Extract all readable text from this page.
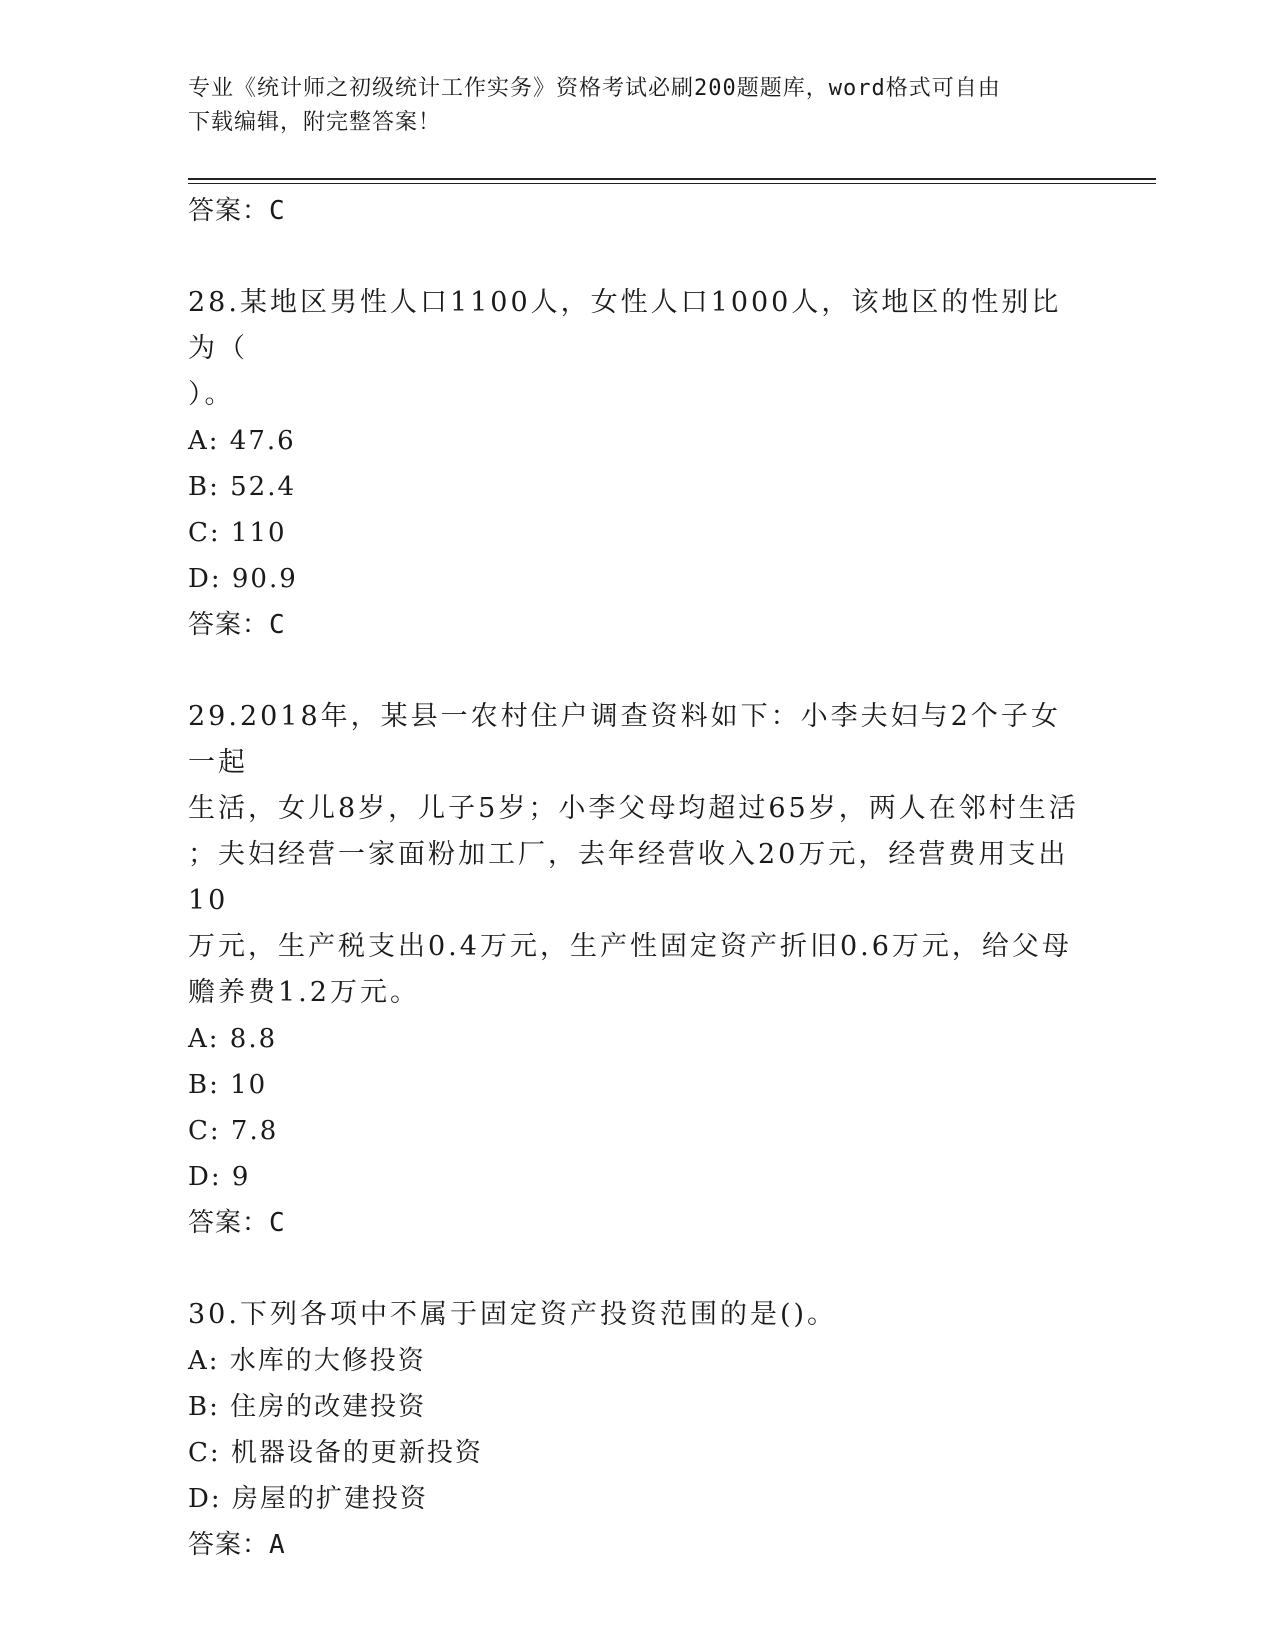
专业《统计师之初级统计工作实务》资格考试必刷200题题库，word格式可自由
下载编辑，附完整答案！
答案：C
28.某地区男性人口1100人，女性人口1000人，该地区的性别比为（
）。
A: 47.6
B: 52.4
C: 110
D: 90.9
答案：C
29.2018年，某县一农村住户调查资料如下：小李夫妇与2个子女一起
生活，女儿8岁，儿子5岁；小李父母均超过65岁，两人在邻村生活
；夫妇经营一家面粉加工厂，去年经营收入20万元，经营费用支出10
万元，生产税支出0.4万元，生产性固定资产折旧0.6万元，给父母
赡养费1.2万元。
A: 8.8
B: 10
C: 7.8
D: 9
答案：C
30.下列各项中不属于固定资产投资范围的是()。
A: 水库的大修投资
B: 住房的改建投资
C: 机器设备的更新投资
D: 房屋的扩建投资
答案：A
